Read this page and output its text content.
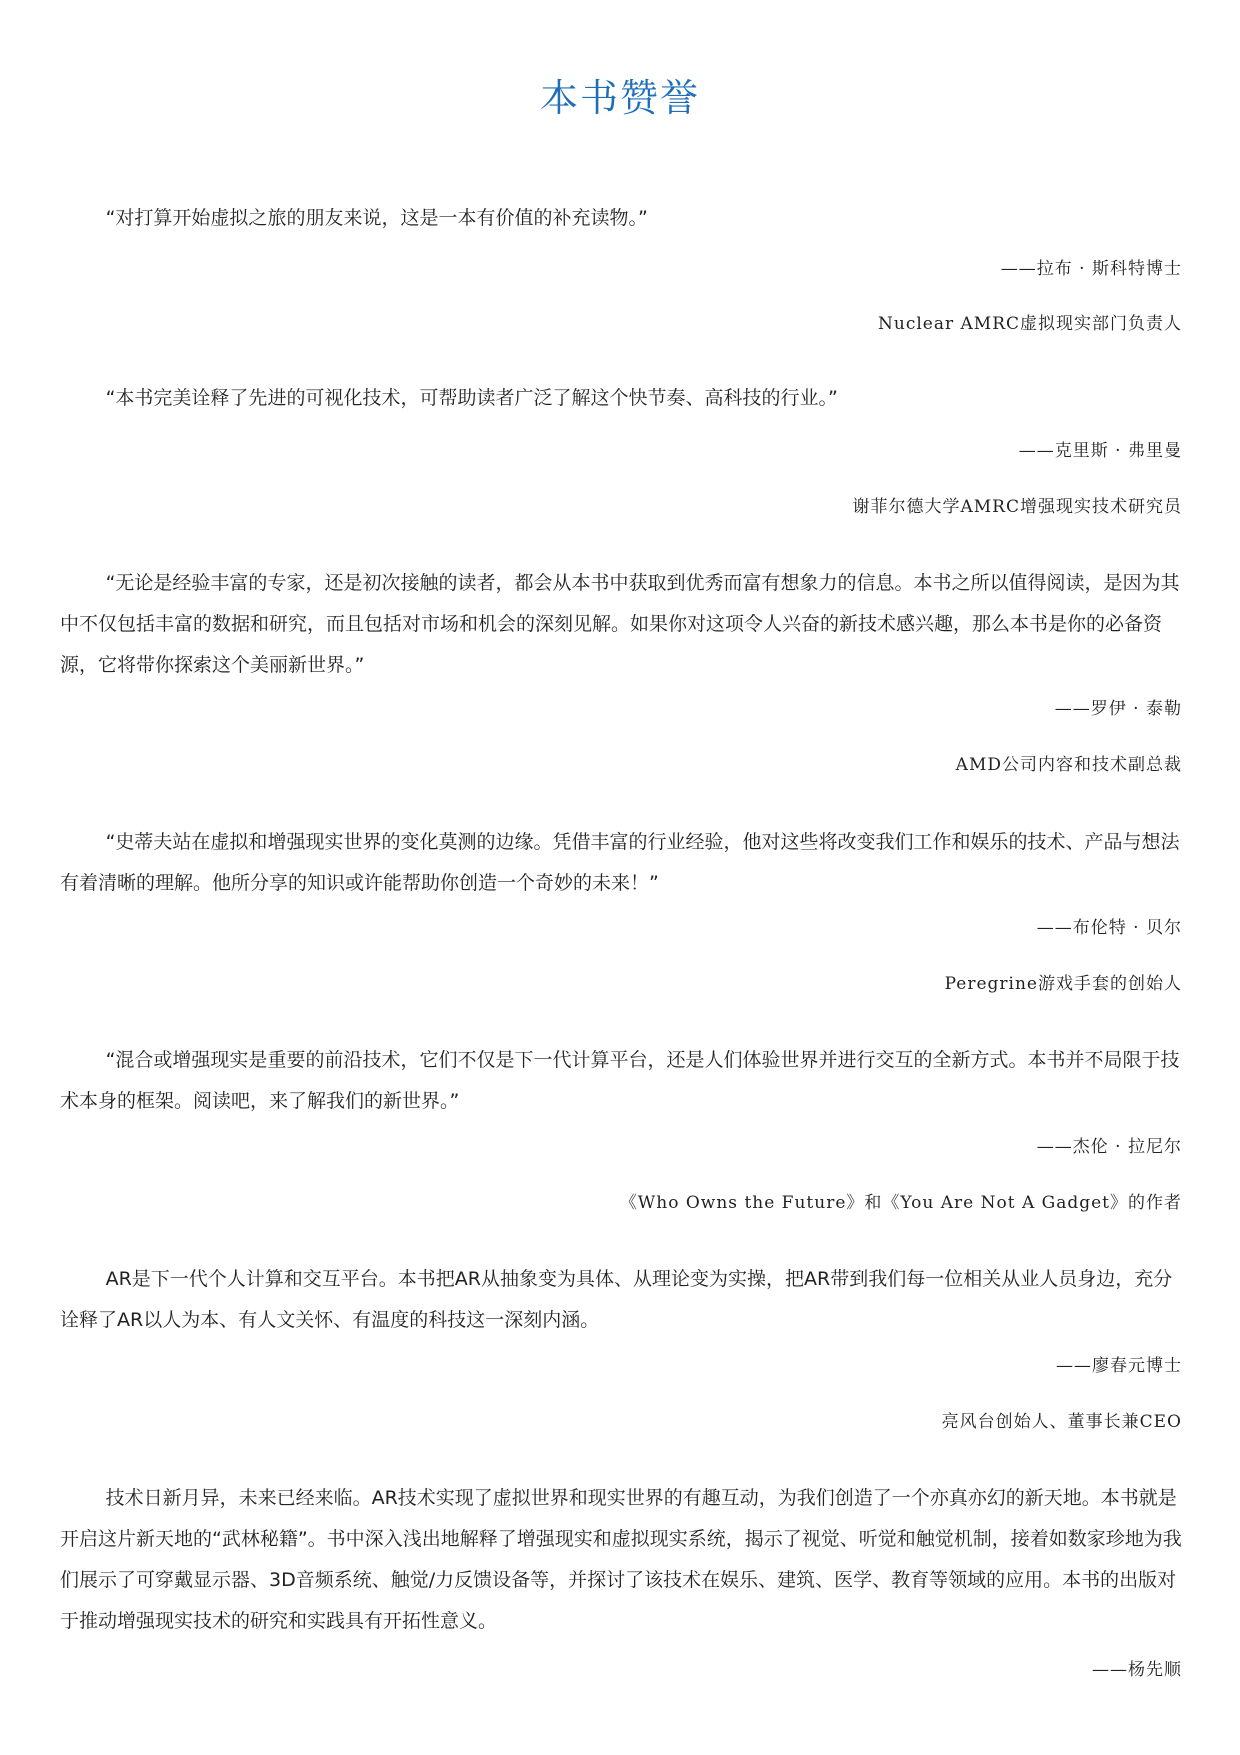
本书赞誉

“对打算开始虚拟之旅的朋友来说，这是一本有价值的补充读物。”

——拉布 · 斯科特博士
Nuclear AMRC虚拟现实部门负责人

“本书完美诠释了先进的可视化技术，可帮助读者广泛了解这个快节奏、高科技的行业。”

——克里斯 · 弗里曼
谢菲尔德大学AMRC增强现实技术研究员

“无论是经验丰富的专家，还是初次接触的读者，都会从本书中获取到优秀而富有想象力的信息。本书之所以值得阅读，是因为其中不仅包括丰富的数据和研究，而且包括对市场和机会的深刻见解。如果你对这项令人兴奋的新技术感兴趣，那么本书是你的必备资源，它将带你探索这个美丽新世界。”

——罗伊 · 泰勒
AMD公司内容和技术副总裁

“史蒂夫站在虚拟和增强现实世界的变化莫测的边缘。凭借丰富的行业经验，他对这些将改变我们工作和娱乐的技术、产品与想法有着清晰的理解。他所分享的知识或许能帮助你创造一个奇妙的未来！”

——布伦特 · 贝尔
Peregrine游戏手套的创始人

“混合或增强现实是重要的前沿技术，它们不仅是下一代计算平台，还是人们体验世界并进行交互的全新方式。本书并不局限于技术本身的框架。阅读吧，来了解我们的新世界。”

——杰伦 · 拉尼尔
《Who Owns the Future》和《You Are Not A Gadget》的作者

AR是下一代个人计算和交互平台。本书把AR从抽象变为具体、从理论变为实操，把AR带到我们每一位相关从业人员身边，充分诠释了AR以人为本、有人文关怀、有温度的科技这一深刻内涵。

——廖春元博士
亮风台创始人、董事长兼CEO

技术日新月异，未来已经来临。AR技术实现了虚拟世界和现实世界的有趣互动，为我们创造了一个亦真亦幻的新天地。本书就是开启这片新天地的“武林秘籍”。书中深入浅出地解释了增强现实和虚拟现实系统，揭示了视觉、听觉和触觉机制，接着如数家珍地为我们展示了可穿戴显示器、3D音频系统、触觉/力反馈设备等，并探讨了该技术在娱乐、建筑、医学、教育等领域的应用。本书的出版对于推动增强现实技术的研究和实践具有开拓性意义。

——杨先顺
